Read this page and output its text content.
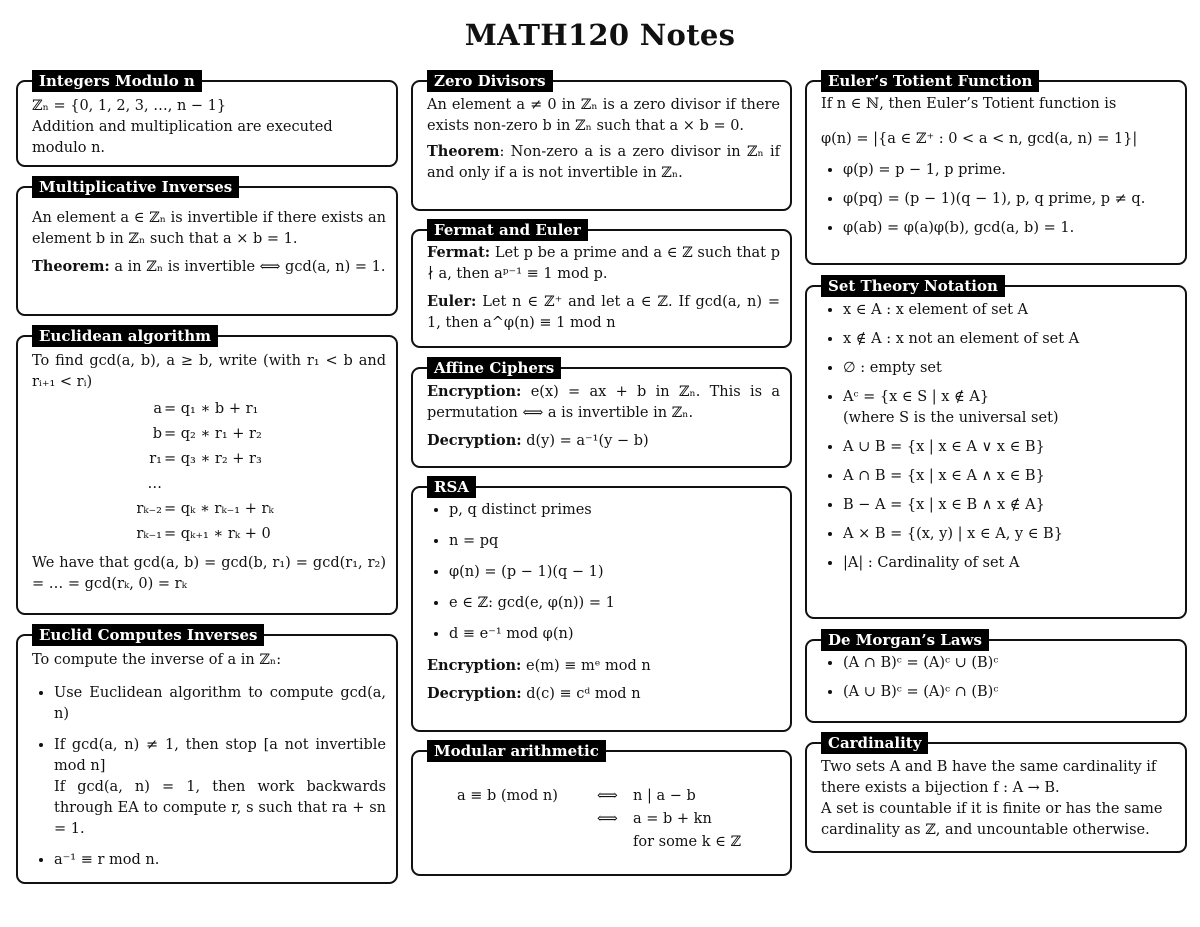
MATH120 Notes
Integers Modulo n
ℤₙ = {0, 1, 2, 3, …, n − 1}
Addition and multiplication are executed modulo n.
Multiplicative Inverses

An element a ∈ ℤₙ is invertible if there exists an element b in ℤₙ such that a × b = 1.

Theorem: a in ℤₙ is invertible ⟺ gcd(a, n) = 1.

Euclidean algorithm

To find gcd(a, b), a ≥ b, write (with r₁ < b and rᵢ₊₁ < rᵢ)

a = q₁ ∗ b + r₁
b = q₂ ∗ r₁ + r₂
r₁ = q₃ ∗ r₂ + r₃
…
rₖ₋₂ = qₖ ∗ rₖ₋₁ + rₖ
rₖ₋₁ = qₖ₊₁ ∗ rₖ + 0

We have that gcd(a, b) = gcd(b, r₁) = gcd(r₁, r₂) = … = gcd(rₖ, 0) = rₖ

Euclid Computes Inverses
To compute the inverse of a in ℤₙ:
• Use Euclidean algorithm to compute gcd(a, n)
• If gcd(a, n) ≠ 1, then stop [a not invertible mod n]
If gcd(a, n) = 1, then work backwards through EA to compute r, s such that ra + sn = 1.
• a⁻¹ ≡ r mod n.
Zero Divisors

An element a ≠ 0 in ℤₙ is a zero divisor if there exists non-zero b in ℤₙ such that a × b = 0.

Theorem: Non-zero a is a zero divisor in ℤₙ if and only if a is not invertible in ℤₙ.

Fermat and Euler

Fermat: Let p be a prime and a ∈ ℤ such that p ∤ a, then aᵖ⁻¹ ≡ 1 mod p.

Euler: Let n ∈ ℤ⁺ and let a ∈ ℤ. If gcd(a, n) = 1, then a^φ(n) ≡ 1 mod n

Affine Ciphers

Encryption: e(x) = ax + b in ℤₙ. This is a permutation ⟺ a is invertible in ℤₙ.

Decryption: d(y) = a⁻¹(y − b)

RSA
• p, q distinct primes
• n = pq
• φ(n) = (p − 1)(q − 1)
• e ∈ ℤ: gcd(e, φ(n)) = 1
• d ≡ e⁻¹ mod φ(n)

Encryption: e(m) ≡ mᵉ mod n

Decryption: d(c) ≡ cᵈ mod n

Modular arithmetic
a ≡ b (mod n)	⟺	n | a − b
⟺	a = b + kn
for some k ∈ ℤ
Euler’s Totient Function
If n ∈ ℕ, then Euler’s Totient function is
φ(n) = |{a ∈ ℤ⁺ : 0 < a < n, gcd(a, n) = 1}|
• φ(p) = p − 1, p prime.
• φ(pq) = (p − 1)(q − 1), p, q prime, p ≠ q.
• φ(ab) = φ(a)φ(b), gcd(a, b) = 1.
Set Theory Notation
• x ∈ A : x element of set A
• x ∉ A : x not an element of set A
• ∅ : empty set
• Aᶜ = {x ∈ S | x ∉ A}
(where S is the universal set)
• A ∪ B = {x | x ∈ A ∨ x ∈ B}
• A ∩ B = {x | x ∈ A ∧ x ∈ B}
• B − A = {x | x ∈ B ∧ x ∉ A}
• A × B = {(x, y) | x ∈ A, y ∈ B}
• |A| : Cardinality of set A
De Morgan’s Laws
• (A ∩ B)ᶜ = (A)ᶜ ∪ (B)ᶜ
• (A ∪ B)ᶜ = (A)ᶜ ∩ (B)ᶜ
Cardinality
Two sets A and B have the same cardinality if there exists a bijection f : A → B.
A set is countable if it is finite or has the same cardinality as ℤ, and uncountable otherwise.
